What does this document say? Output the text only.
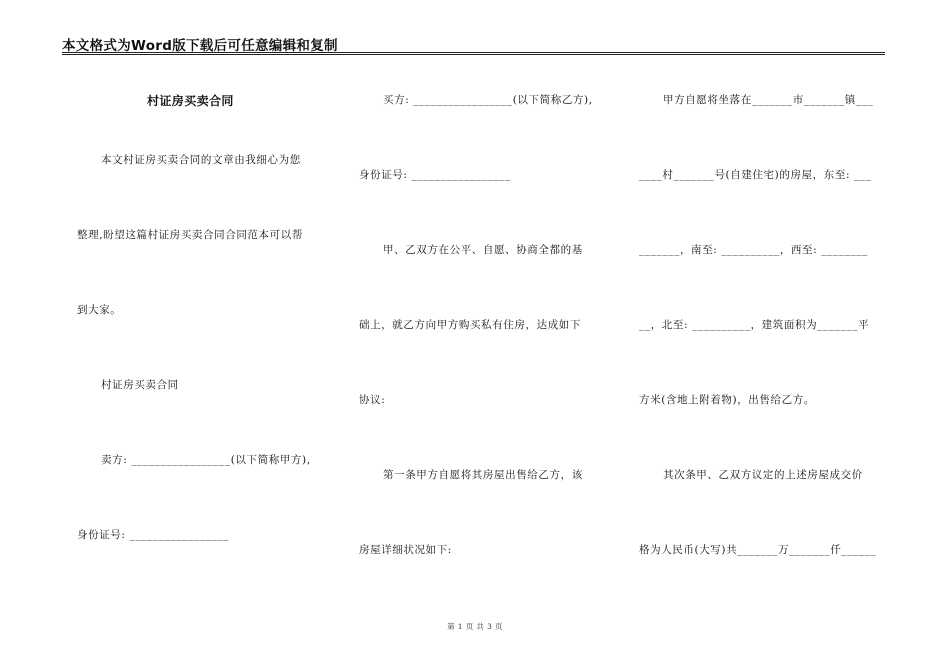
本文格式为Word版下载后可任意编辑和复制
村证房买卖合同
本文村证房买卖合同的文章由我细心为您
整理,盼望这篇村证房买卖合同合同范本可以帮
到大家。
村证房买卖合同
卖方: _________________(以下简称甲方),
身份证号: _________________
买方: _________________(以下简称乙方),
身份证号: _________________
甲、乙双方在公平、自愿、协商全都的基
础上，就乙方向甲方购买私有住房，达成如下
协议:
第一条甲方自愿将其房屋出售给乙方，该
房屋详细状况如下:
甲方自愿将坐落在_______市_______镇___
____村_______号(自建住宅)的房屋，东至: ___
_______，南至: __________，西至: ________
__，北至: __________，建筑面积为_______平
方米(含地上附着物)，出售给乙方。
其次条甲、乙双方议定的上述房屋成交价
格为人民币(大写)共_______万_______仟______
第 1 页 共 3 页
